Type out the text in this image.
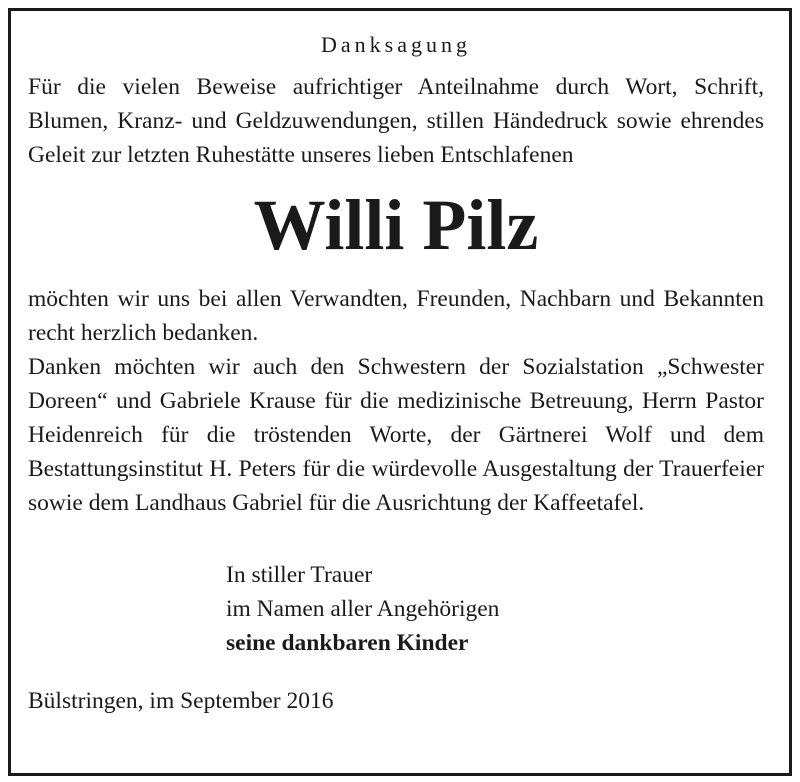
Danksagung

Für die vielen Beweise aufrichtiger Anteilnahme durch Wort, Schrift, Blumen, Kranz- und Geldzuwendungen, stillen Händedruck sowie ehrendes Geleit zur letzten Ruhestätte unseres lieben Entschlafenen

Willi Pilz

möchten wir uns bei allen Verwandten, Freunden, Nachbarn und Bekannten recht herzlich bedanken.

Danken möchten wir auch den Schwestern der Sozialstation „Schwester Doreen“ und Gabriele Krause für die medizinische Betreuung, Herrn Pastor Heidenreich für die tröstenden Worte, der Gärtnerei Wolf und dem Bestattungsinstitut H. Peters für die würdevolle Ausgestaltung der Trauerfeier sowie dem Landhaus Gabriel für die Ausrichtung der Kaffeetafel.

In stiller Trauer
im Namen aller Angehörigen
seine dankbaren Kinder
Bülstringen, im September 2016
